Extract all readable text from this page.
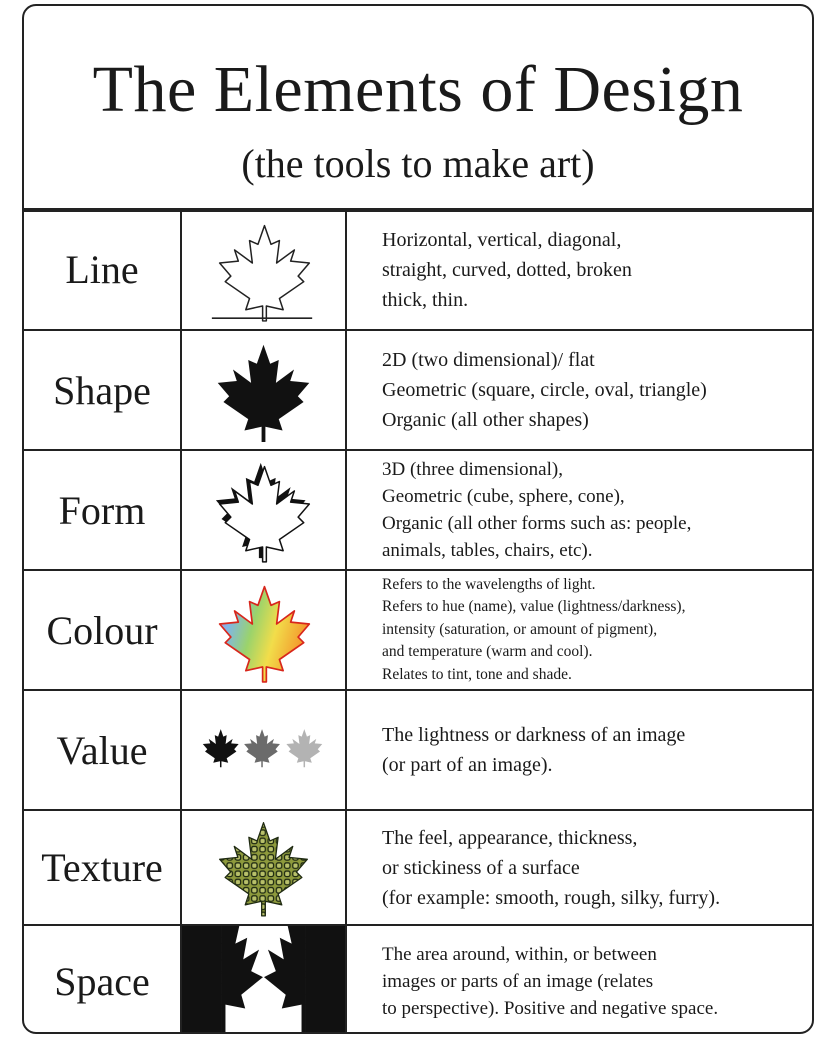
The Elements of Design
(the tools to make art)
Line
Horizontal, vertical, diagonal,
straight, curved, dotted, broken
thick, thin.
Shape
2D (two dimensional)/ flat
Geometric (square, circle, oval, triangle)
Organic (all other shapes)
Form
3D (three dimensional),
Geometric (cube, sphere, cone),
Organic (all other forms such as: people,
animals, tables, chairs, etc).
Colour
Refers to the wavelengths of light.
Refers to hue (name), value (lightness/darkness),
intensity (saturation, or amount of pigment),
and temperature (warm and cool).
Relates to tint, tone and shade.
Value	The lightness or darkness of an image
(or part of an image).
Texture
The feel, appearance, thickness,
or stickiness of a surface
(for example: smooth, rough, silky, furry).
Space
The area around, within, or between
images or parts of an image (relates
to perspective). Positive and negative space.
